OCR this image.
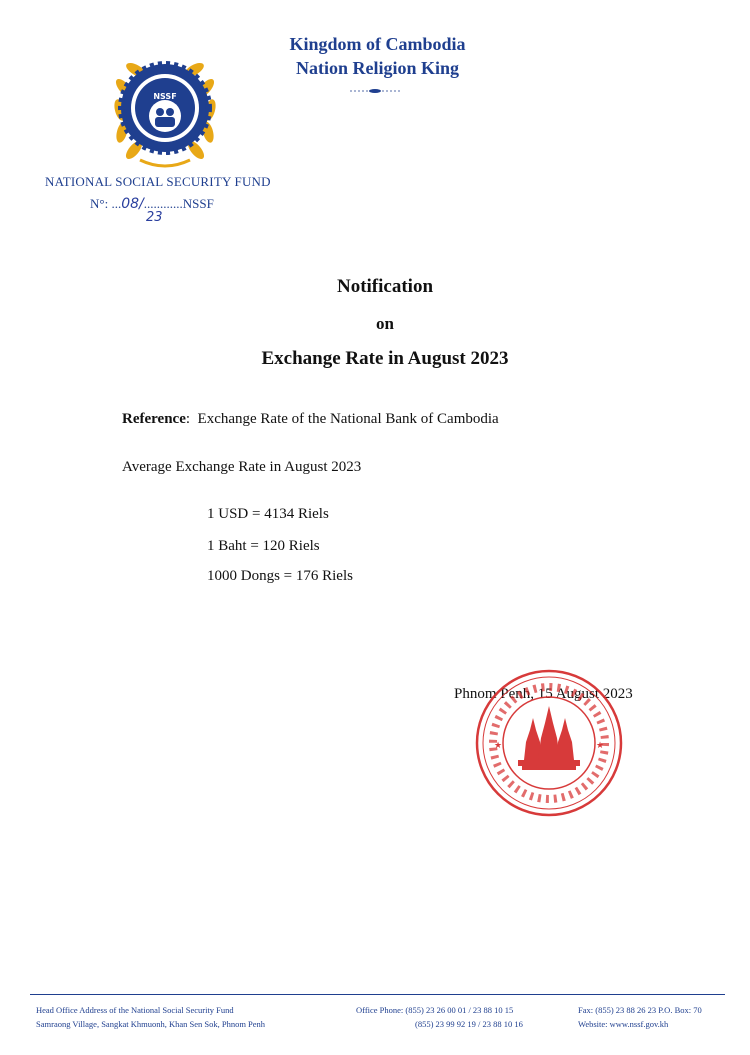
Kingdom of Cambodia
Nation Religion King
NSSF
NATIONAL SOCIAL SECURITY FUND
N°: ...08/............NSSF
23
Notification
on
Exchange Rate in August 2023
Reference: Exchange Rate of the National Bank of Cambodia
Average Exchange Rate in August 2023
1 USD = 4134 Riels
1 Baht = 120 Riels
1000 Dongs = 176 Riels
Phnom Penh, 15 August 2023
★	★
Head Office Address of the National Social Security Fund
Samraong Village, Sangkat Khmuonh, Khan Sen Sok, Phnom Penh
Office Phone: (855) 23 26 00 01 / 23 88 10 15
(855) 23 99 92 19 / 23 88 10 16
Fax: (855) 23 88 26 23 P.O. Box: 70
Website: www.nssf.gov.kh
